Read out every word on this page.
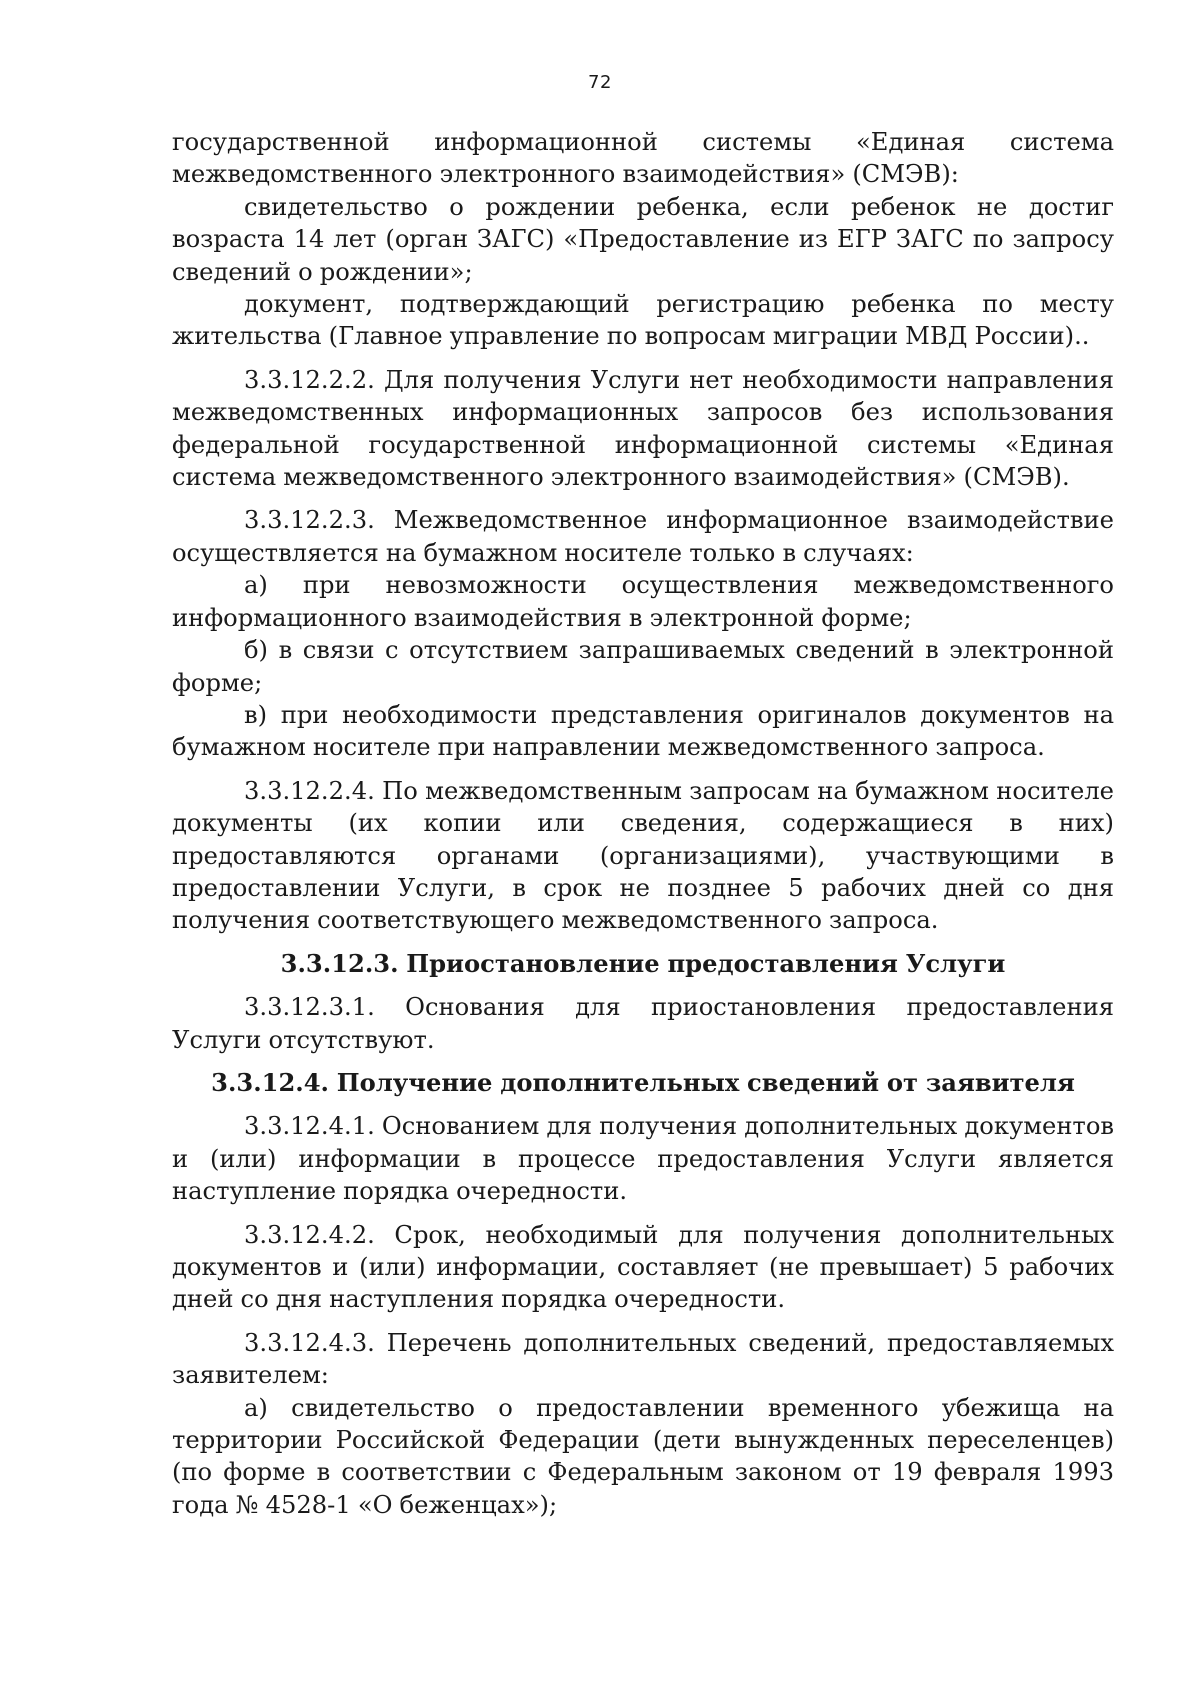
72

государственной информационной системы «Единая система межведомственного электронного взаимодействия» (СМЭВ):

свидетельство о рождении ребенка, если ребенок не достиг возраста 14 лет (орган ЗАГС) «Предоставление из ЕГР ЗАГС по запросу сведений о рождении»;

документ, подтверждающий регистрацию ребенка по месту жительства (Главное управление по вопросам миграции МВД России)..

3.3.12.2.2. Для получения Услуги нет необходимости направления межведомственных информационных запросов без использования федеральной государственной информационной системы «Единая система межведомственного электронного взаимодействия» (СМЭВ).

3.3.12.2.3. Межведомственное информационное взаимодействие осуществляется на бумажном носителе только в случаях:

а) при невозможности осуществления межведомственного информационного взаимодействия в электронной форме;

б) в связи с отсутствием запрашиваемых сведений в электронной форме;

в) при необходимости представления оригиналов документов на бумажном носителе при направлении межведомственного запроса.

3.3.12.2.4. По межведомственным запросам на бумажном носителе документы (их копии или сведения, содержащиеся в них) предоставляются органами (организациями), участвующими в предоставлении Услуги, в срок не позднее 5 рабочих дней со дня получения соответствующего межведомственного запроса.

3.3.12.3. Приостановление предоставления Услуги

3.3.12.3.1. Основания для приостановления предоставления Услуги отсутствуют.

3.3.12.4. Получение дополнительных сведений от заявителя

3.3.12.4.1. Основанием для получения дополнительных документов и (или) информации в процессе предоставления Услуги является наступление порядка очередности.

3.3.12.4.2. Срок, необходимый для получения дополнительных документов и (или) информации, составляет (не превышает) 5 рабочих дней со дня наступления порядка очередности.

3.3.12.4.3. Перечень дополнительных сведений, предоставляемых заявителем:

а) свидетельство о предоставлении временного убежища на территории Российской Федерации (дети вынужденных переселенцев) (по форме в соответствии с Федеральным законом от 19 февраля 1993 года № 4528-1 «О беженцах»);
